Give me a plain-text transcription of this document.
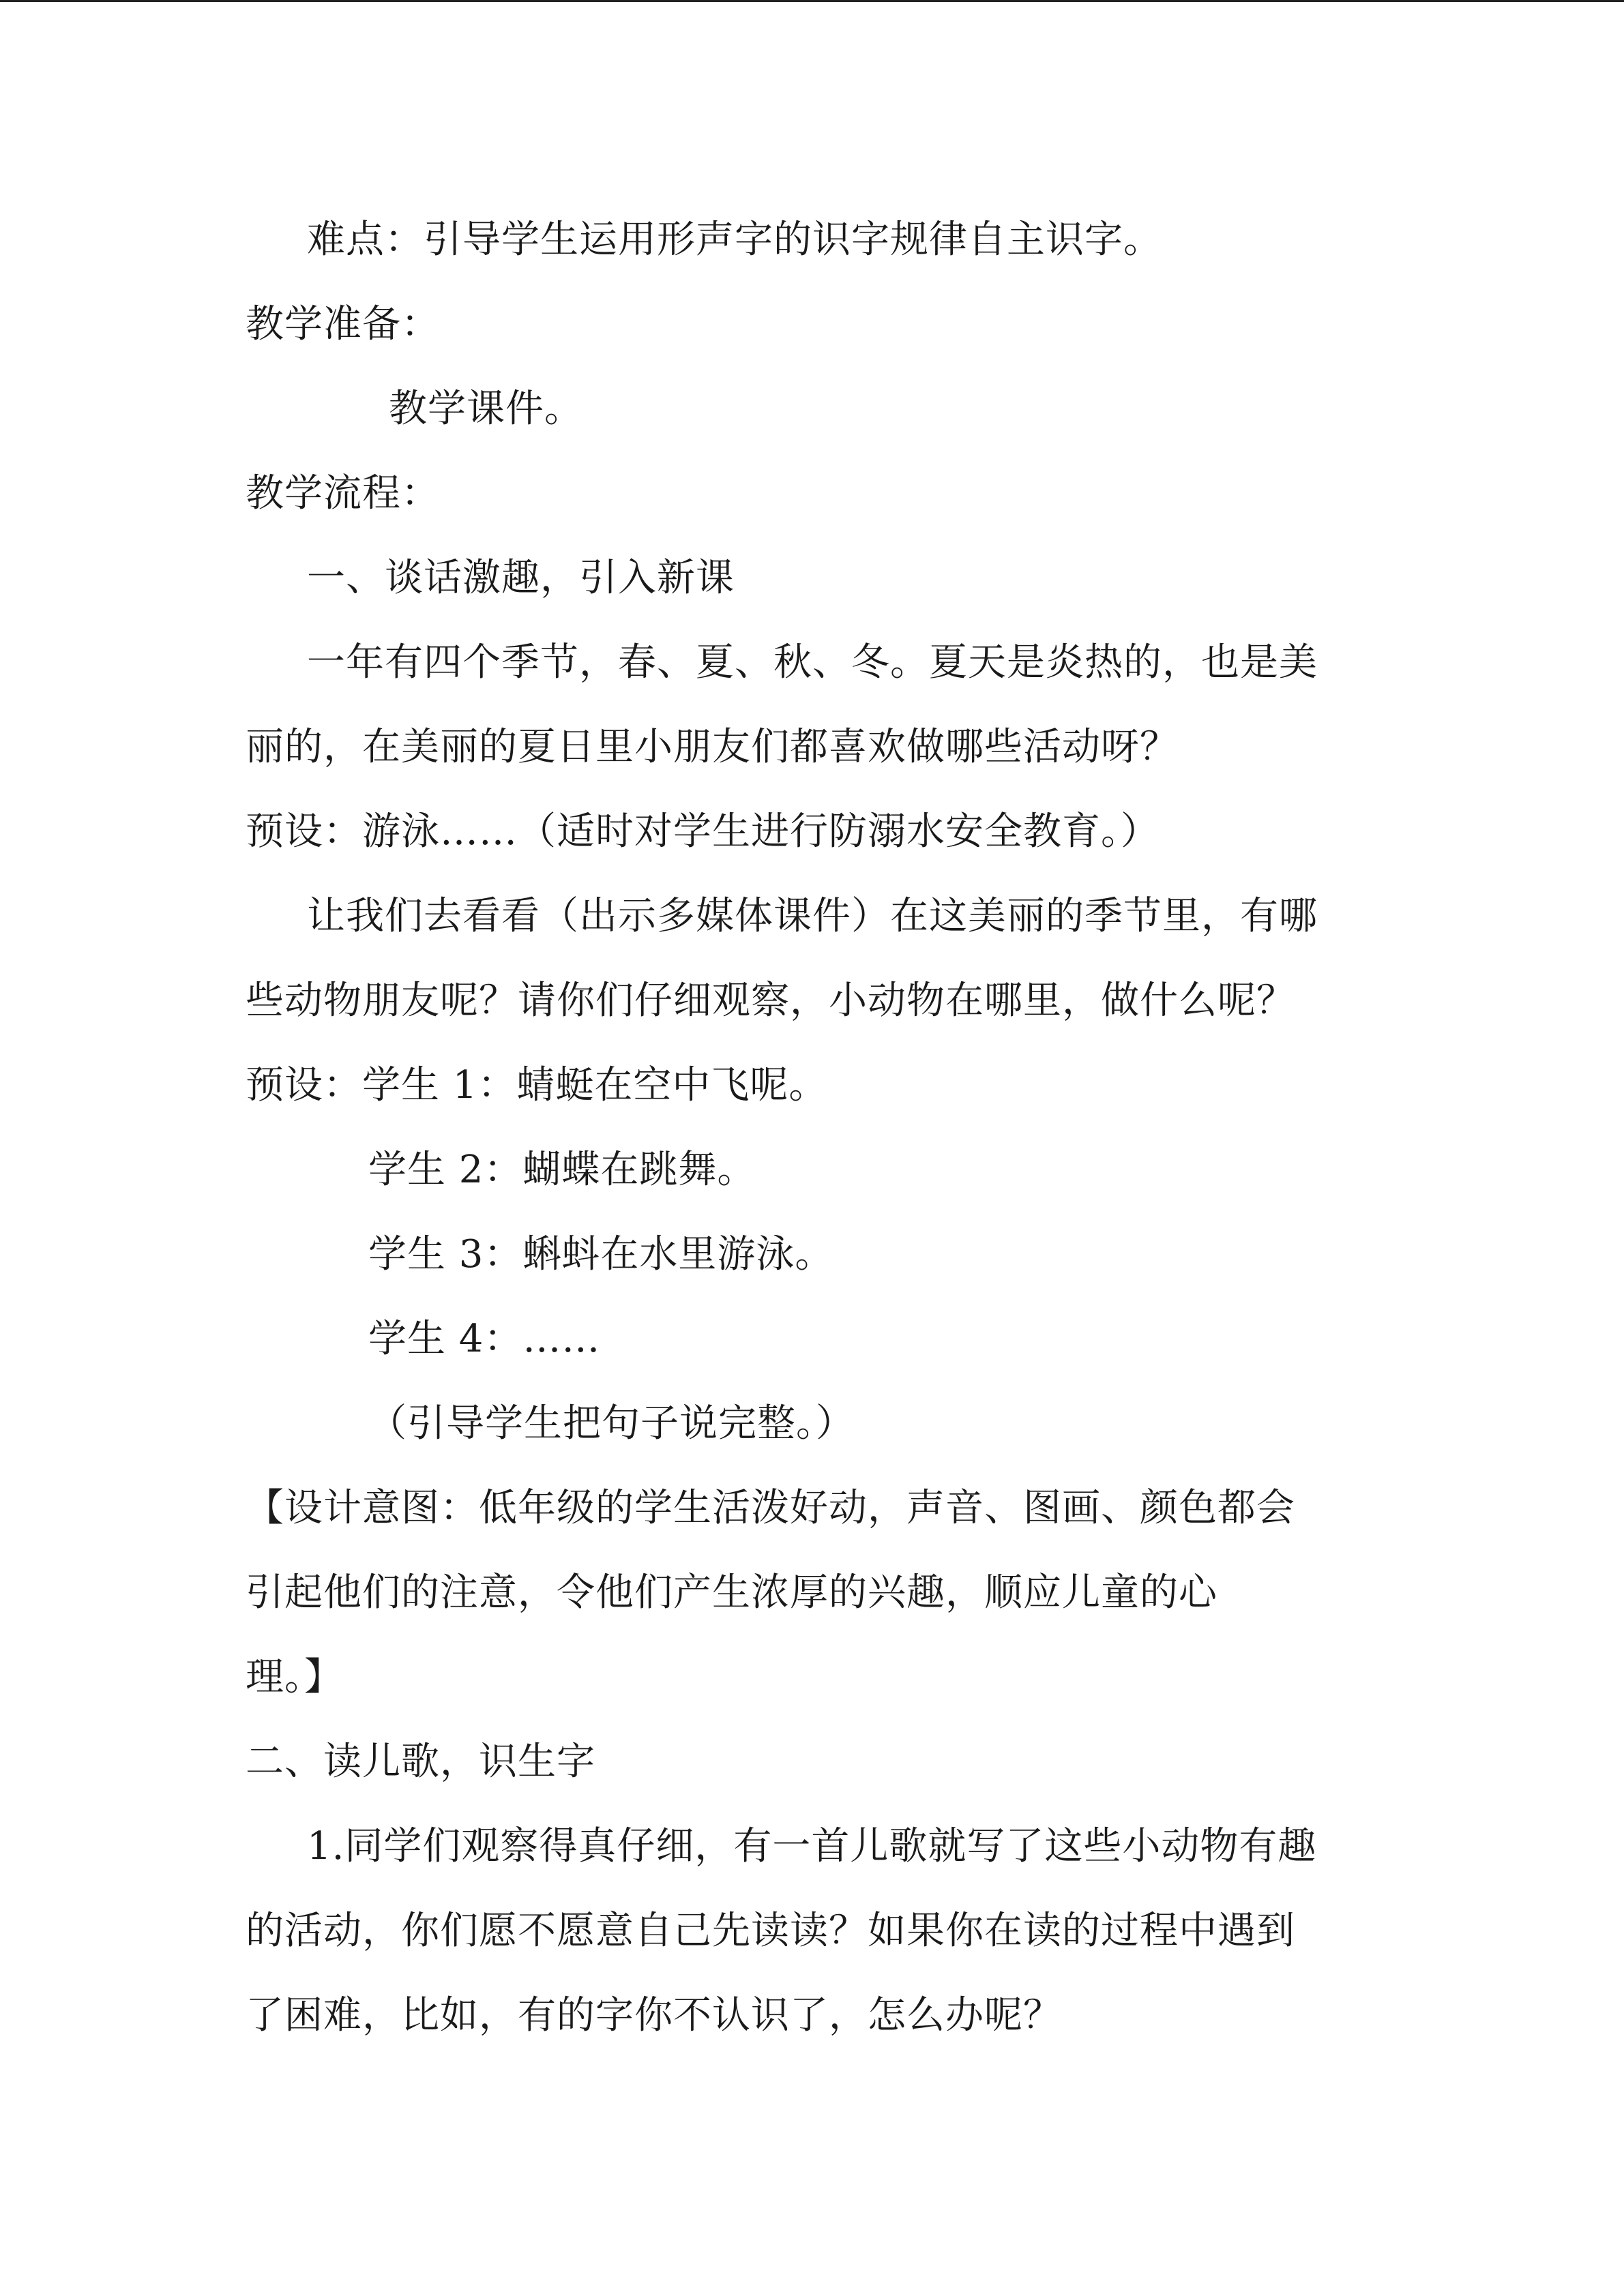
难点：引导学生运用形声字的识字规律自主识字。
教学准备：
教学课件。
教学流程：
一、谈话激趣，引入新课
一年有四个季节，春、夏、秋、冬。夏天是炎热的，也是美
丽的，在美丽的夏日里小朋友们都喜欢做哪些活动呀？
预设：游泳……（适时对学生进行防溺水安全教育。）
让我们去看看（出示多媒体课件）在这美丽的季节里，有哪
些动物朋友呢？请你们仔细观察，小动物在哪里，做什么呢？
预设：学生 1：蜻蜓在空中飞呢。
学生 2：蝴蝶在跳舞。
学生 3：蝌蚪在水里游泳。
学生 4：……
（引导学生把句子说完整。）
【设计意图：低年级的学生活泼好动，声音、图画、颜色都会
引起他们的注意，令他们产生浓厚的兴趣，顺应儿童的心
理。】
二、读儿歌，识生字
1.同学们观察得真仔细，有一首儿歌就写了这些小动物有趣
的活动，你们愿不愿意自己先读读？如果你在读的过程中遇到
了困难，比如，有的字你不认识了，怎么办呢？
